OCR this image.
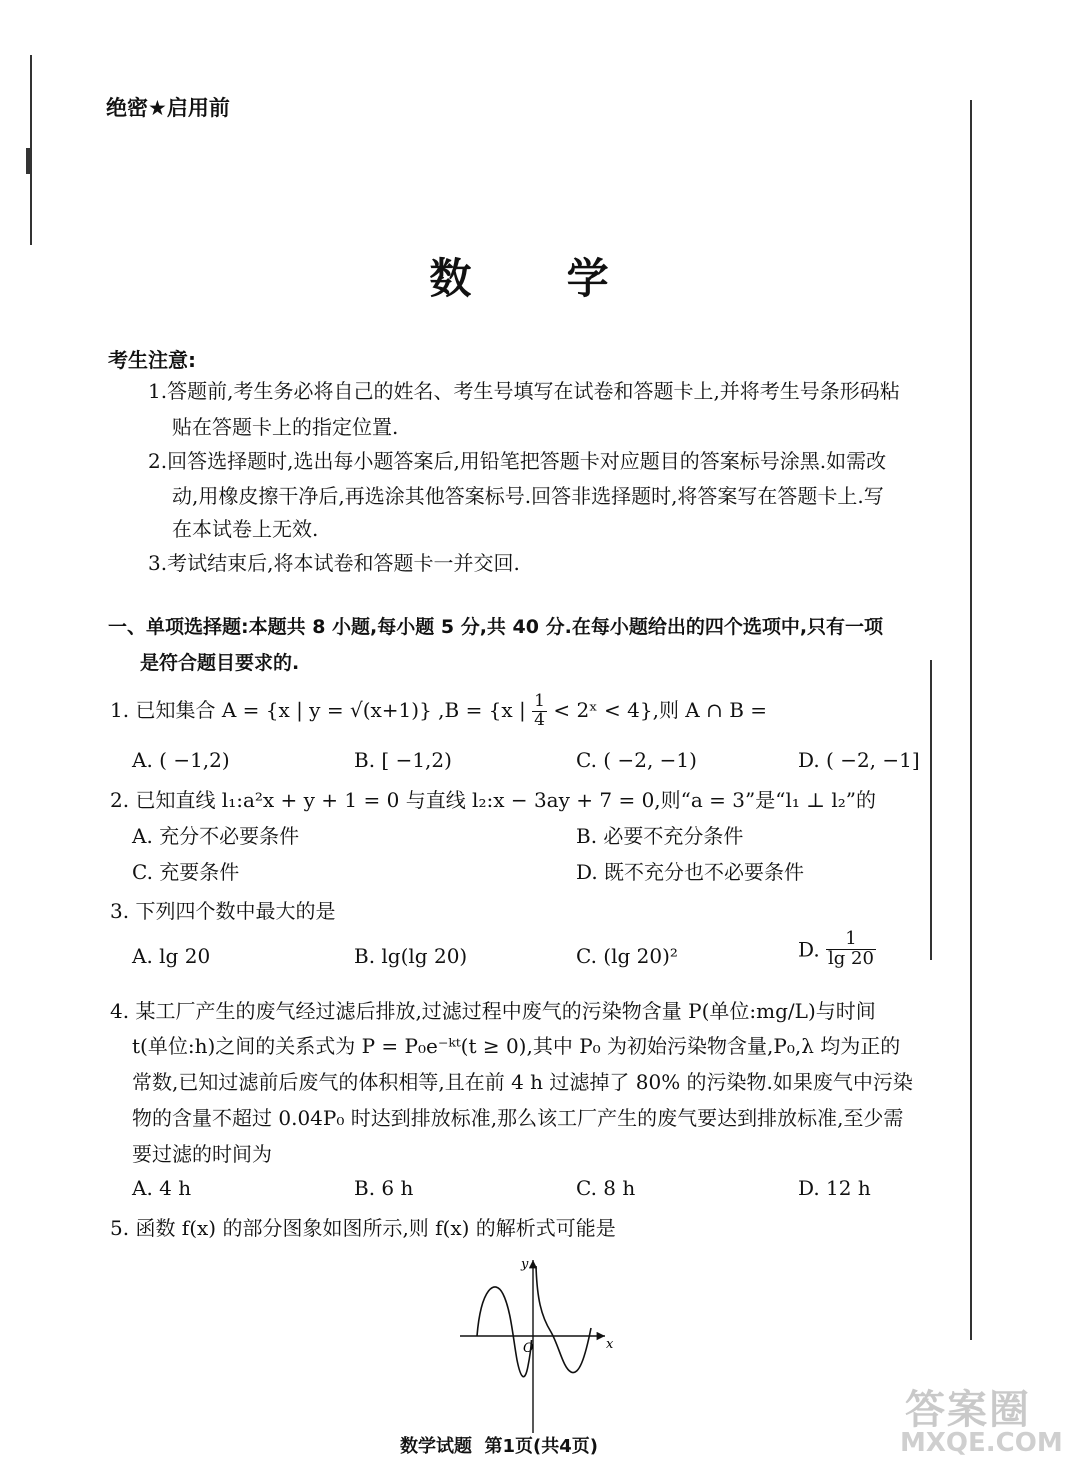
绝密★启用前
数  学
考生注意:
1.答题前,考生务必将自己的姓名、考生号填写在试卷和答题卡上,并将考生号条形码粘
贴在答题卡上的指定位置.
2.回答选择题时,选出每小题答案后,用铅笔把答题卡对应题目的答案标号涂黑.如需改
动,用橡皮擦干净后,再选涂其他答案标号.回答非选择题时,将答案写在答题卡上.写
在本试卷上无效.
3.考试结束后,将本试卷和答题卡一并交回.
一、单项选择题:本题共 8 小题,每小题 5 分,共 40 分.在每小题给出的四个选项中,只有一项
是符合题目要求的.
1. 已知集合 A = {x | y = √(x+1)} ,B = {x | $\frac{1}{4}$ < 2ˣ < 4},则 A ∩ B =
A. ( −1,2)	B. [ −1,2)	C. ( −2, −1)	D. ( −2, −1]
2. 已知直线 l₁:a²x + y + 1 = 0 与直线 l₂:x − 3ay + 7 = 0,则“a = 3”是“l₁ ⊥ l₂”的
A. 充分不必要条件	B. 必要不充分条件
C. 充要条件	D. 既不充分也不必要条件
3. 下列四个数中最大的是
A. lg 20	B. lg(lg 20)	C. (lg 20)²	D. $\frac{1}{\lg 20}$
4. 某工厂产生的废气经过滤后排放,过滤过程中废气的污染物含量 P(单位:mg/L)与时间
t(单位:h)之间的关系式为 P = P₀e⁻ᵏᵗ(t ≥ 0),其中 P₀ 为初始污染物含量,P₀,λ 均为正的
常数,已知过滤前后废气的体积相等,且在前 4 h 过滤掉了 80% 的污染物.如果废气中污染
物的含量不超过 0.04P₀ 时达到排放标准,那么该工厂产生的废气要达到排放标准,至少需
要过滤的时间为
A. 4 h	B. 6 h	C. 8 h	D. 12 h
5. 函数 f(x) 的部分图象如图所示,则 f(x) 的解析式可能是
x
y
O
答案圈
MXQE.COM
数学试题  第1页(共4页)
